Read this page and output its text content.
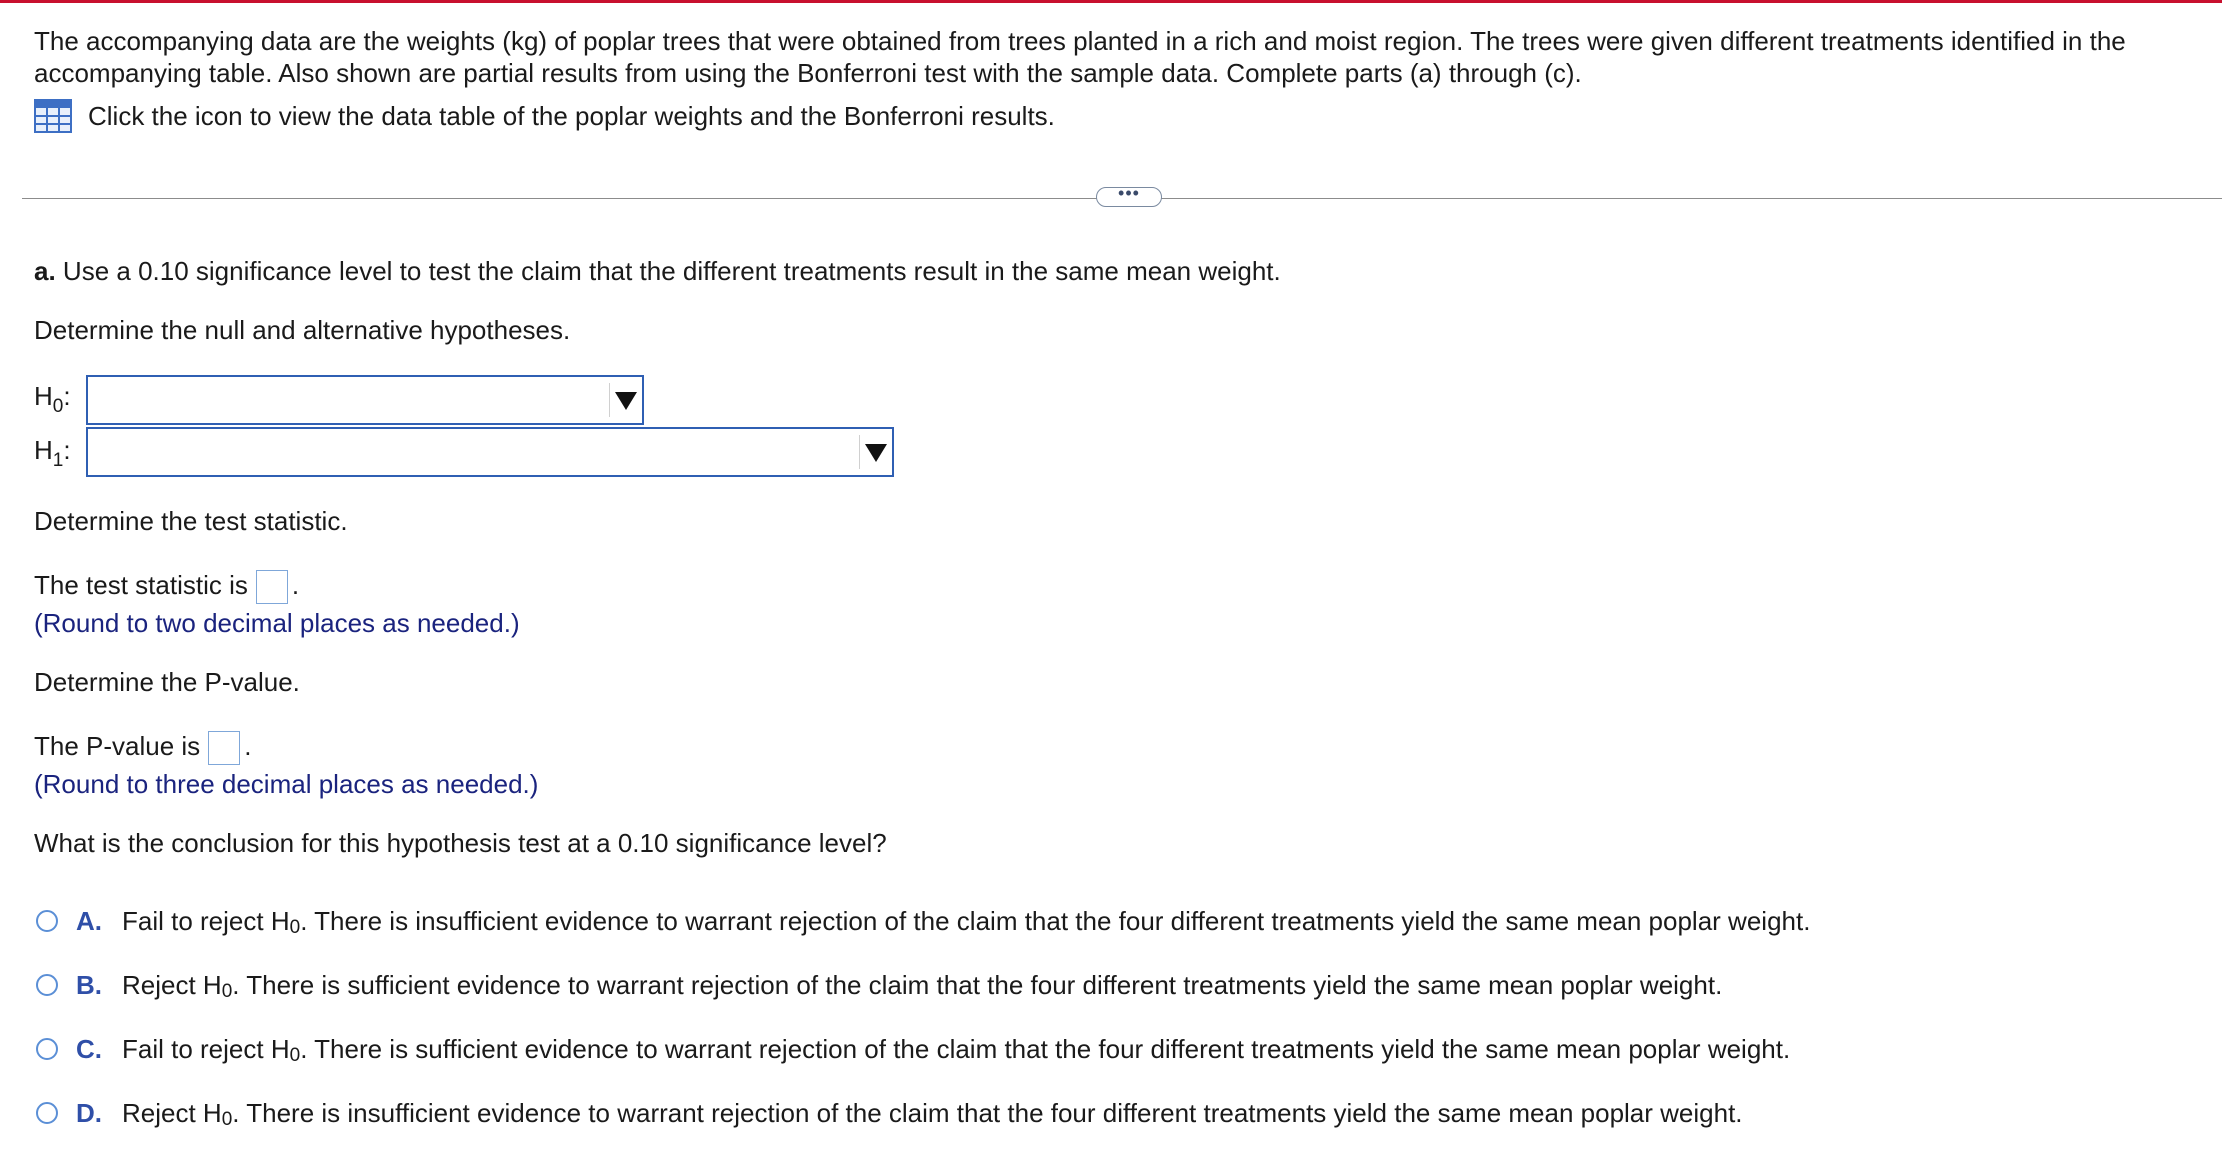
The accompanying data are the weights (kg) of poplar trees that were obtained from trees planted in a rich and moist region. The trees were given different treatments identified in the accompanying table. Also shown are partial results from using the Bonferroni test with the sample data. Complete parts (a) through (c).
Click the icon to view the data table of the poplar weights and the Bonferroni results.
•••
a. Use a 0.10 significance level to test the claim that the different treatments result in the same mean weight.
Determine the null and alternative hypotheses.
$H_0$:
$H_1$:
Determine the test statistic.
The test statistic is .
(Round to two decimal places as needed.)
Determine the P-value.
The P-value is .
(Round to three decimal places as needed.)
What is the conclusion for this hypothesis test at a 0.10 significance level?
A. Fail to reject H 0 . There is insufficient evidence to warrant rejection of the claim that the four different treatments yield the same mean poplar weight.
B. Reject H 0 . There is sufficient evidence to warrant rejection of the claim that the four different treatments yield the same mean poplar weight.
C. Fail to reject H 0 . There is sufficient evidence to warrant rejection of the claim that the four different treatments yield the same mean poplar weight.
D. Reject H 0 . There is insufficient evidence to warrant rejection of the claim that the four different treatments yield the same mean poplar weight.
